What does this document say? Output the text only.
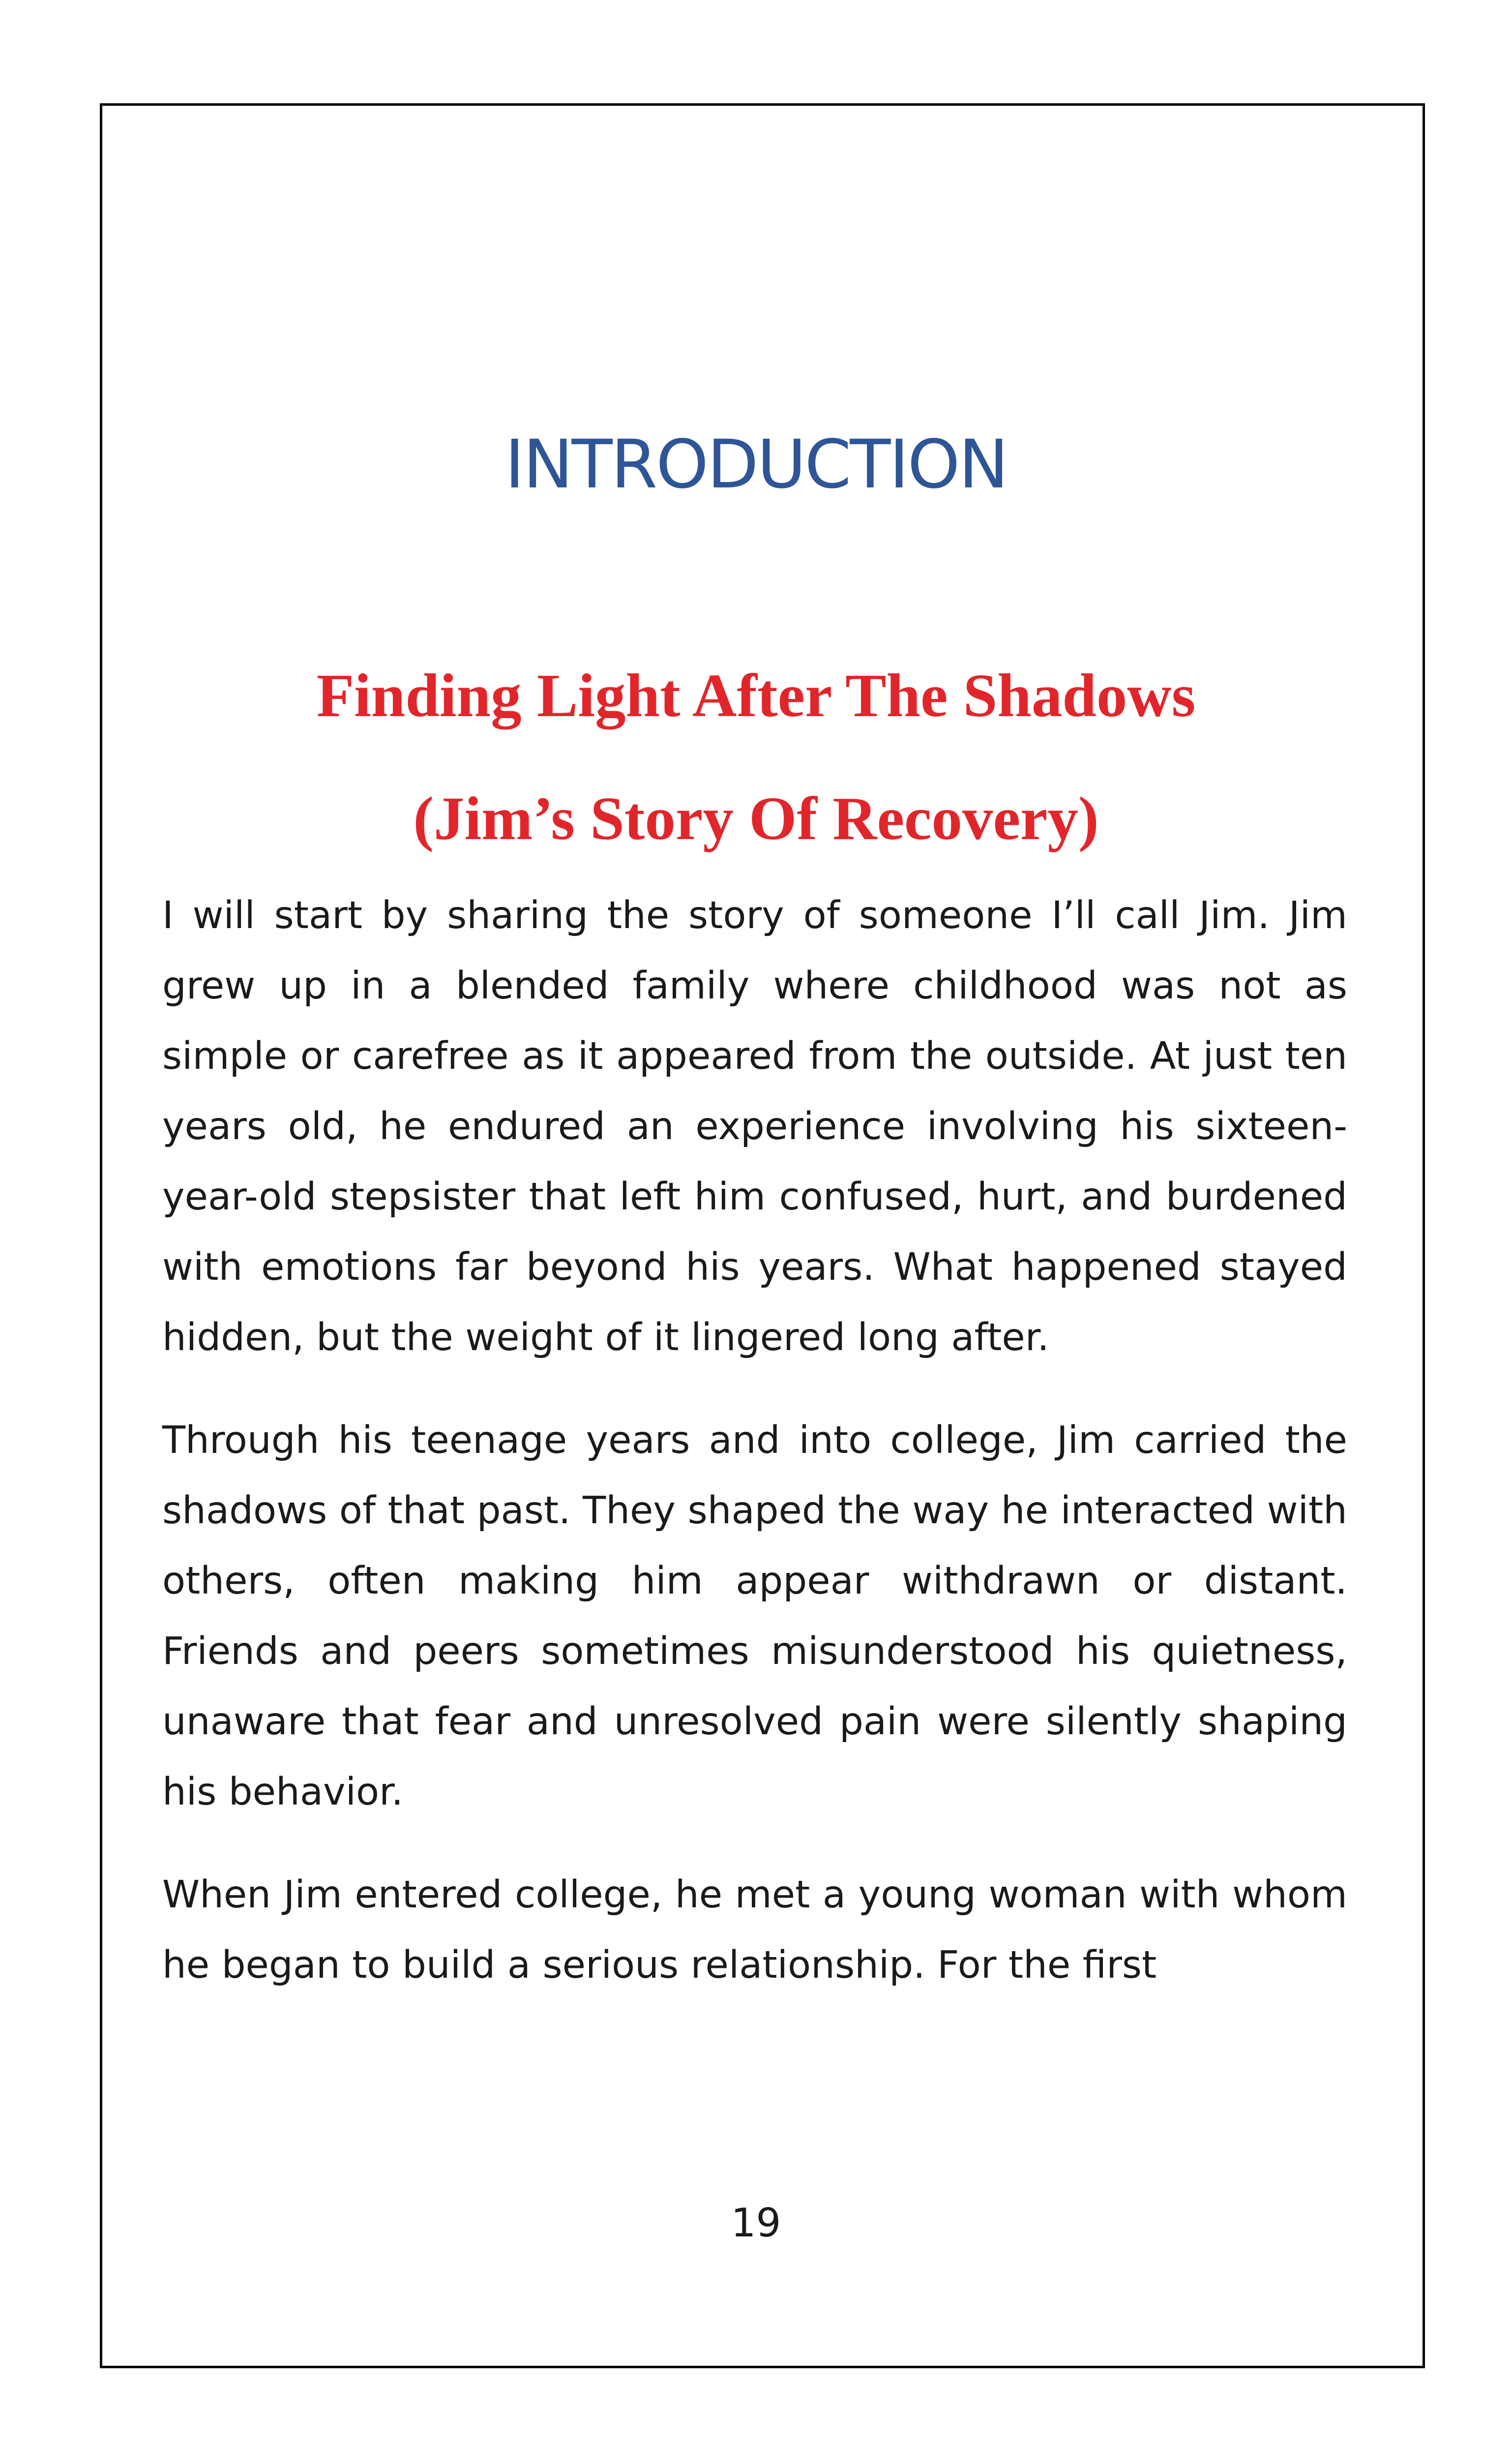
INTRODUCTION
Finding Light After The Shadows
(Jim’s Story Of Recovery)

I will start by sharing the story of someone I’ll call Jim. Jim grew up in a blended family where childhood was not as simple or carefree as it appeared from the outside. At just ten years old, he endured an experience involving his sixteen-year-old stepsister that left him confused, hurt, and burdened with emotions far beyond his years. What happened stayed hidden, but the weight of it lingered long after.

Through his teenage years and into college, Jim carried the shadows of that past. They shaped the way he interacted with others, often making him appear withdrawn or distant. Friends and peers sometimes misunderstood his quietness, unaware that fear and unresolved pain were silently shaping his behavior.

When Jim entered college, he met a young woman with whom he began to build a serious relationship. For the first

19
